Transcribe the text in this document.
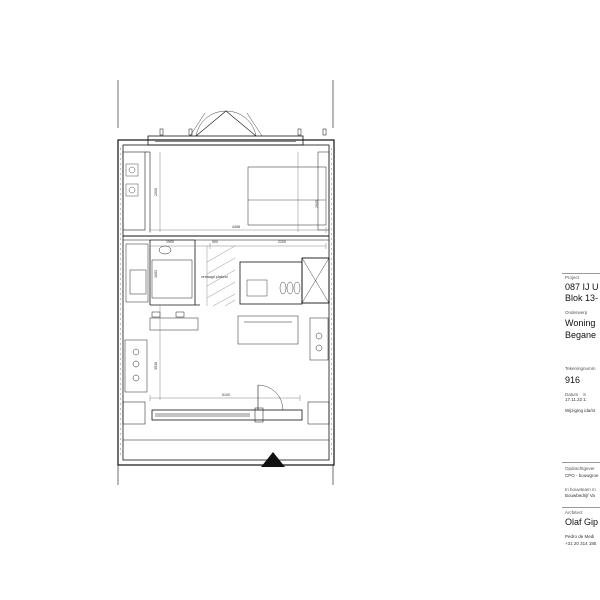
2000
2935
4498
1900	900	2200
1653
3538
5100
verlaagd plafond	Project
087 IJ U
Blok 13-
Onderwerp
Woning
Begane
Tekeningnumm
916
Datum S
17.11.22 1:
Wijziging ida/st
Opdrachtgever
CPO - bouwgroe
In bouwteam m
Bouwbedrijf Va
Architect
Olaf Gip
Pedro de Medi
+31 20 314 185
